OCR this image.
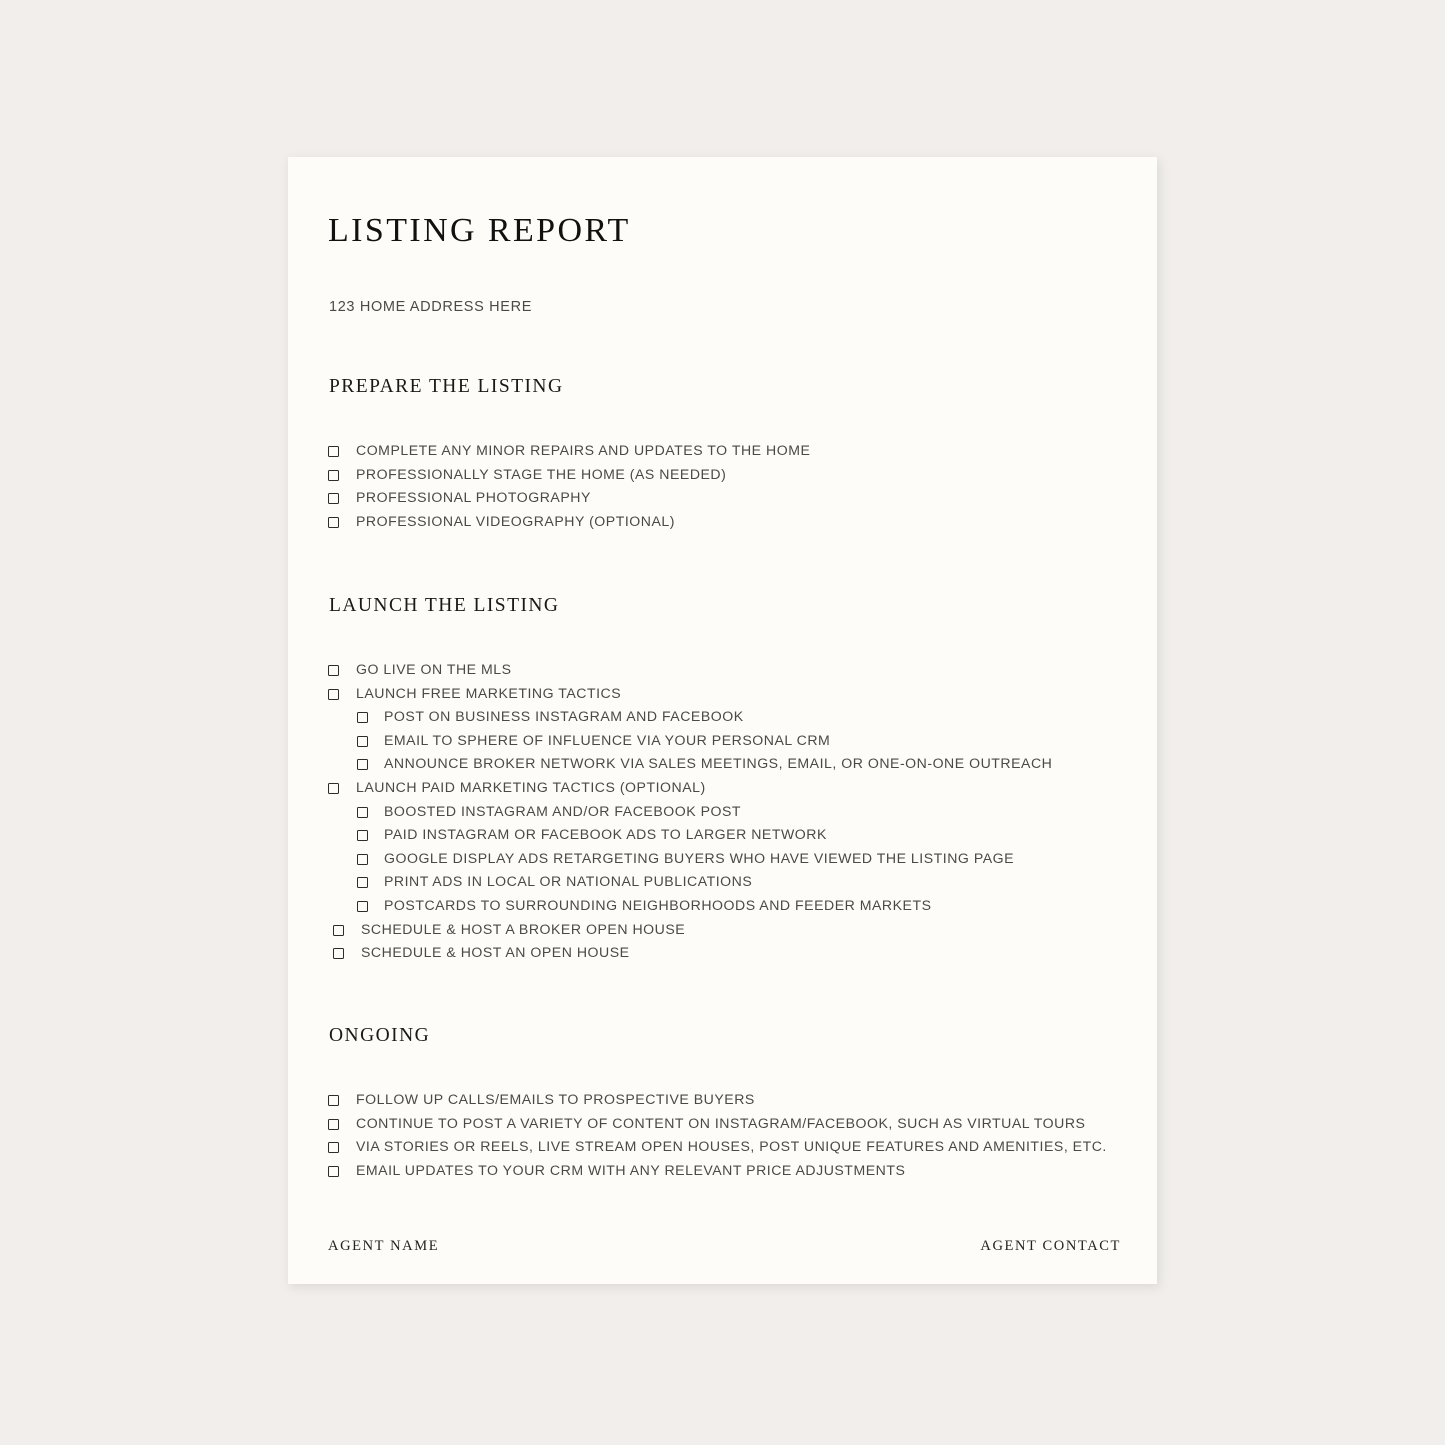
LISTING REPORT
123 HOME ADDRESS HERE
PREPARE THE LISTING
COMPLETE ANY MINOR REPAIRS AND UPDATES TO THE HOME
PROFESSIONALLY STAGE THE HOME (AS NEEDED)
PROFESSIONAL PHOTOGRAPHY
PROFESSIONAL VIDEOGRAPHY (OPTIONAL)
LAUNCH THE LISTING
GO LIVE ON THE MLS
LAUNCH FREE MARKETING TACTICS
POST ON BUSINESS INSTAGRAM AND FACEBOOK
EMAIL TO SPHERE OF INFLUENCE VIA YOUR PERSONAL CRM
ANNOUNCE BROKER NETWORK VIA SALES MEETINGS, EMAIL, OR ONE-ON-ONE OUTREACH
LAUNCH PAID MARKETING TACTICS (OPTIONAL)
BOOSTED INSTAGRAM AND/OR FACEBOOK POST
PAID INSTAGRAM OR FACEBOOK ADS TO LARGER NETWORK
GOOGLE DISPLAY ADS RETARGETING BUYERS WHO HAVE VIEWED THE LISTING PAGE
PRINT ADS IN LOCAL OR NATIONAL PUBLICATIONS
POSTCARDS TO SURROUNDING NEIGHBORHOODS AND FEEDER MARKETS
SCHEDULE & HOST A BROKER OPEN HOUSE
SCHEDULE & HOST AN OPEN HOUSE
ONGOING
FOLLOW UP CALLS/EMAILS TO PROSPECTIVE BUYERS
CONTINUE TO POST A VARIETY OF CONTENT ON INSTAGRAM/FACEBOOK, SUCH AS VIRTUAL TOURS
VIA STORIES OR REELS, LIVE STREAM OPEN HOUSES, POST UNIQUE FEATURES AND AMENITIES, ETC.
EMAIL UPDATES TO YOUR CRM WITH ANY RELEVANT PRICE ADJUSTMENTS
AGENT NAME	AGENT CONTACT
